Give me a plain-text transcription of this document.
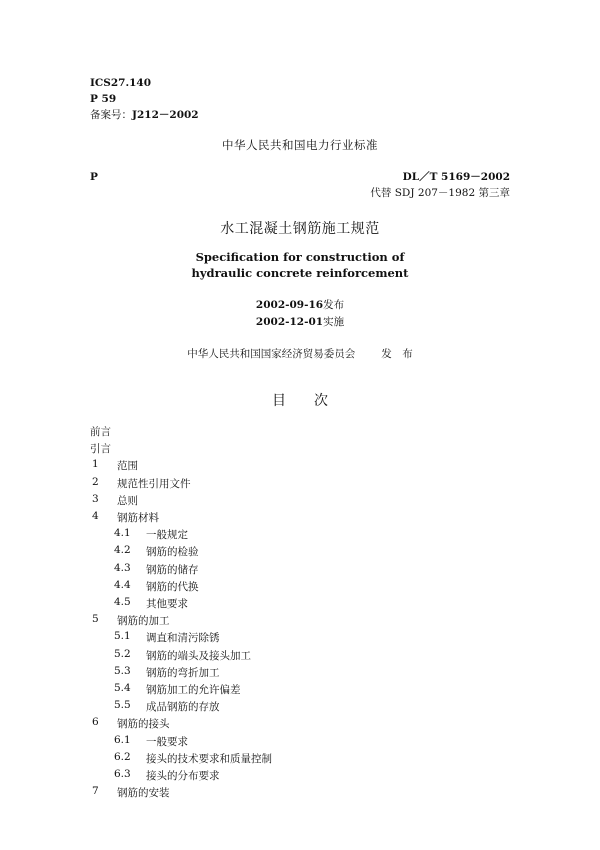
ICS27.140
P 59
备案号：J212－2002
中华人民共和国电力行业标准
P	DL／T 5169－2002
代替 SDJ 207－1982 第三章
水工混凝土钢筋施工规范
Specification for construction of
hydraulic concrete reinforcement
2002-09-16发布
2002-12-01实施
中华人民共和国国家经济贸易委员会 发　布
目　　次
前言
引言
1 范围
2 规范性引用文件
3 总则
4 钢筋材料
4.1 一般规定
4.2 钢筋的检验
4.3 钢筋的储存
4.4 钢筋的代换
4.5 其他要求
5 钢筋的加工
5.1 调直和清污除锈
5.2 钢筋的端头及接头加工
5.3 钢筋的弯折加工
5.4 钢筋加工的允许偏差
5.5 成品钢筋的存放
6 钢筋的接头
6.1 一般要求
6.2 接头的技术要求和质量控制
6.3 接头的分布要求
7 钢筋的安装
